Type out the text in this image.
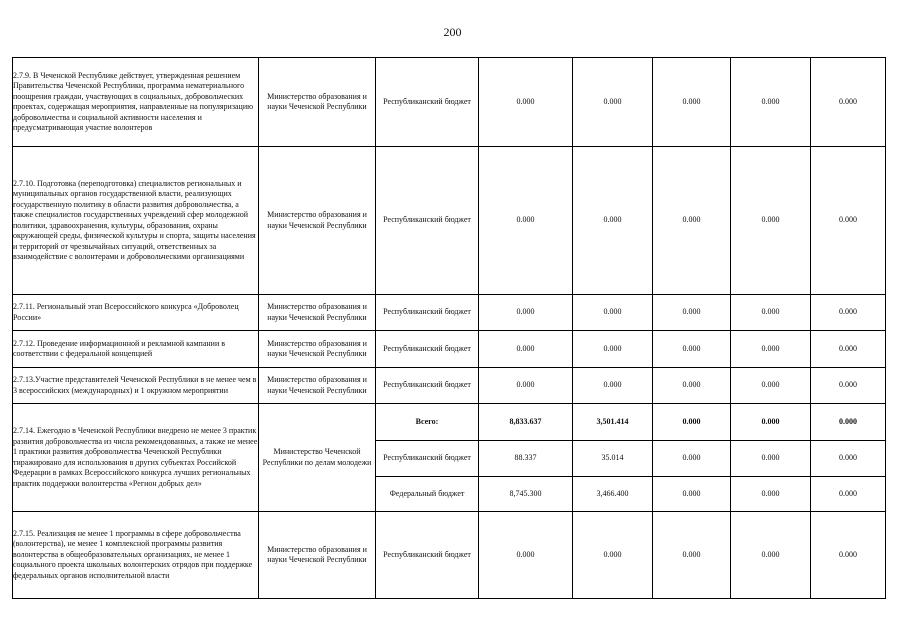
200
2.7.9. В Чеченской Республике действует, утвержденная решением Правительства Чеченской Республики, программа нематериального поощрения граждан, участвующих в социальных, добровольческих проектах, содержащая мероприятия, направленные на популяризацию добровольчества и социальной активности населения и предусматривающая участие волонтеров	Министерство образования и науки Чеченской Республики	Республиканский бюджет	0.000	0.000	0.000	0.000	0.000
2.7.10. Подготовка (переподготовка) специалистов региональных и муниципальных органов государственной власти, реализующих государственную политику в области развития добровольчества, а также специалистов государственных учреждений сфер молодежной политики, здравоохранения, культуры, образования, охраны окружающей среды, физической культуры и спорта, защиты населения и территорий от чрезвычайных ситуаций, ответственных за взаимодействие с волонтерами и добровольческими организациями	Министерство образования и науки Чеченской Республики	Республиканский бюджет	0.000	0.000	0.000	0.000	0.000
2.7.11. Региональный этап Всероссийского конкурса «Доброволец России»	Министерство образования и науки Чеченской Республики	Республиканский бюджет	0.000	0.000	0.000	0.000	0.000
2.7.12. Проведение информационной и рекламной кампании в соответствии с федеральной концепцией	Министерство образования и науки Чеченской Республики	Республиканский бюджет	0.000	0.000	0.000	0.000	0.000
2.7.13.Участие представителей Чеченской Республики в не менее чем в 3 всероссийских (международных) и 1 окружном мероприятии	Министерство образования и науки Чеченской Республики	Республиканский бюджет	0.000	0.000	0.000	0.000	0.000
2.7.14. Ежегодно в Чеченской Республики внедрено не менее 3 практик развития добровольчества из числа рекомендованных, а также не менее 1 практики развития добровольчества Чеченской Республики тиражировано для использования в других субъектах Российской Федерации в рамках Всероссийского конкурса лучших региональных практик поддержки волонтерства «Регион добрых дел»	Министерство Чеченской Республики по делам молодежи	Всего:	8,833.637	3,501.414	0.000	0.000	0.000
		Республиканский бюджет	88.337	35.014	0.000	0.000	0.000
		Федеральный бюджет	8,745.300	3,466.400	0.000	0.000	0.000
2.7.15. Реализация не менее 1 программы в сфере добровольчества (волонтерства), не менее 1 комплексной программы развития волонтерства в общеобразовательных организациях, не менее 1 социального проекта школьных волонтерских отрядов при поддержке федеральных органов исполнительной власти	Министерство образования и науки Чеченской Республики	Республиканский бюджет	0.000	0.000	0.000	0.000	0.000
